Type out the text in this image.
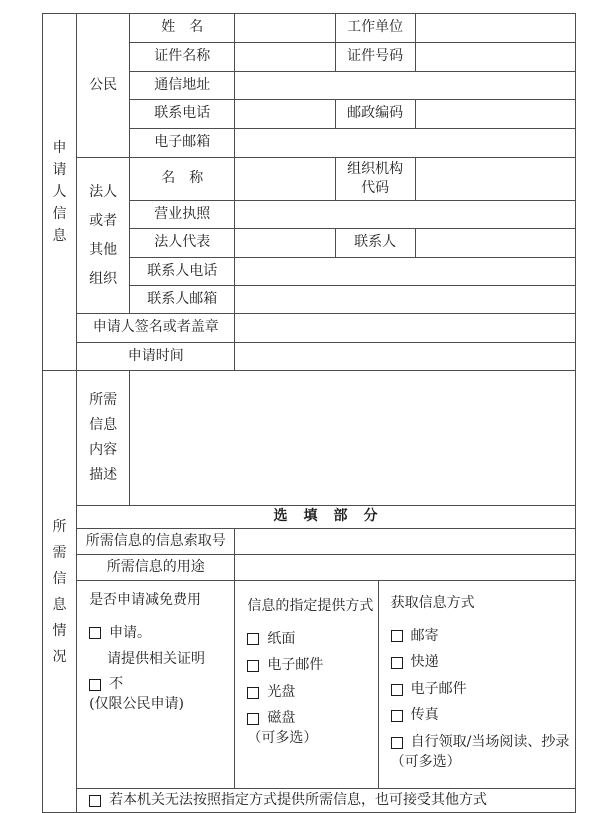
申请人信息	公民	姓　名		工作单位		
		证件名称		证件号码		
		通信地址				
		联系电话		邮政编码		
		电子邮箱				

	法人或者其他组织	名　称		组织机构代码		

		营业执照				
		法人代表		联系人		
		联系人电话				
		联系人邮箱				
	申请人签名或者盖章					
	申请时间					

所需信息情况	所需信息内容描述					

	选　填　部　分					
	所需信息的信息索取号					
	所需信息的用途					

是否申请减免费用
申请。
请提供相关证明
不
(仅限公民申请)

信息的指定提供方式
纸面
电子邮件
光盘
磁盘
（可多选）

获取信息方式
邮寄
快递
电子邮件
传真
自行领取/当场阅读、抄录
（可多选）

	若本机关无法按照指定方式提供所需信息，也可接受其他方式					
